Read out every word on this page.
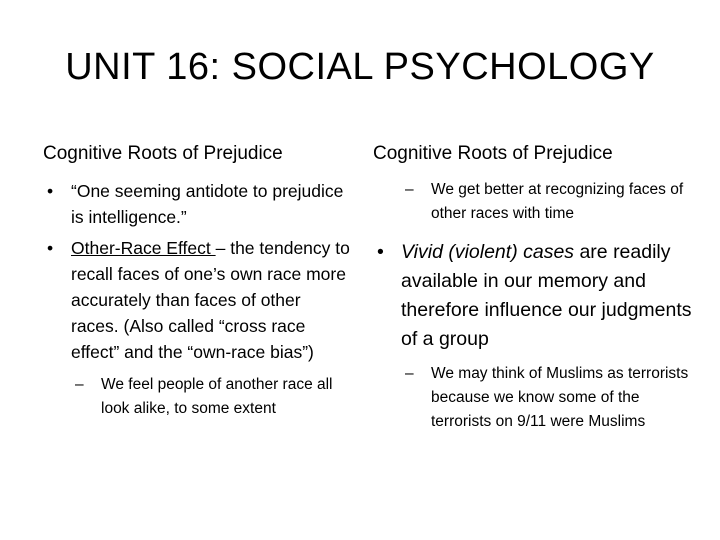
UNIT 16: SOCIAL PSYCHOLOGY
Cognitive Roots of Prejudice
• “One seeming antidote to prejudice is intelligence.”
• Other-Race Effect – the tendency to recall faces of one’s own race more accurately than faces of other races. (Also called “cross race effect” and the “own-race bias”)
– We feel people of another race all look alike, to some extent
Cognitive Roots of Prejudice
– We get better at recognizing faces of other races with time
• Vivid (violent) cases are readily available in our memory and therefore influence our judgments of a group
– We may think of Muslims as terrorists because we know some of the terrorists on 9/11 were Muslims
